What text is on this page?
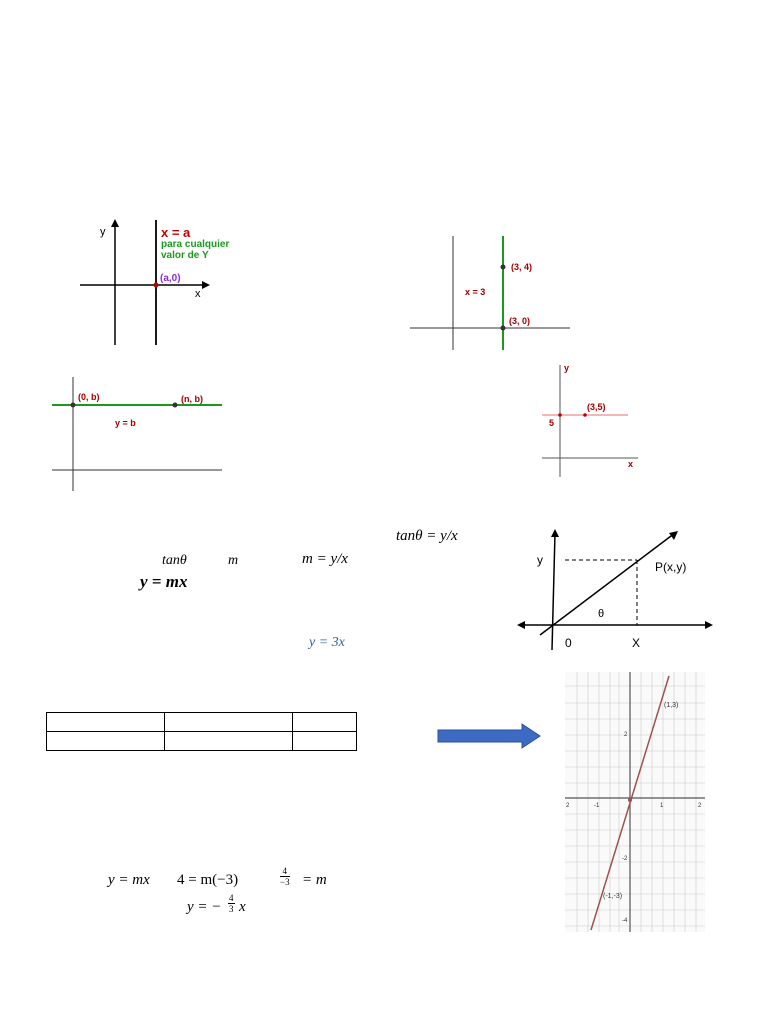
y
x
x = a
para cualquier
valor de Y
(a,0)
(3, 4)
(3, 0)
x = 3
(0, b)	(n, b)
y = b
y
x
(3,5)
5
tanθ = y/x
tanθ	m	m = y/x
y = mx
y = 3x
y	P(x,y)
θ
0	X

(1,3)
(-1,-3)
2	-1	1	2
2
-2
-4
y = mx 4 = m(−3)	$\frac{4}{-3} = m$
y = − $\frac{4}{3}$ x
